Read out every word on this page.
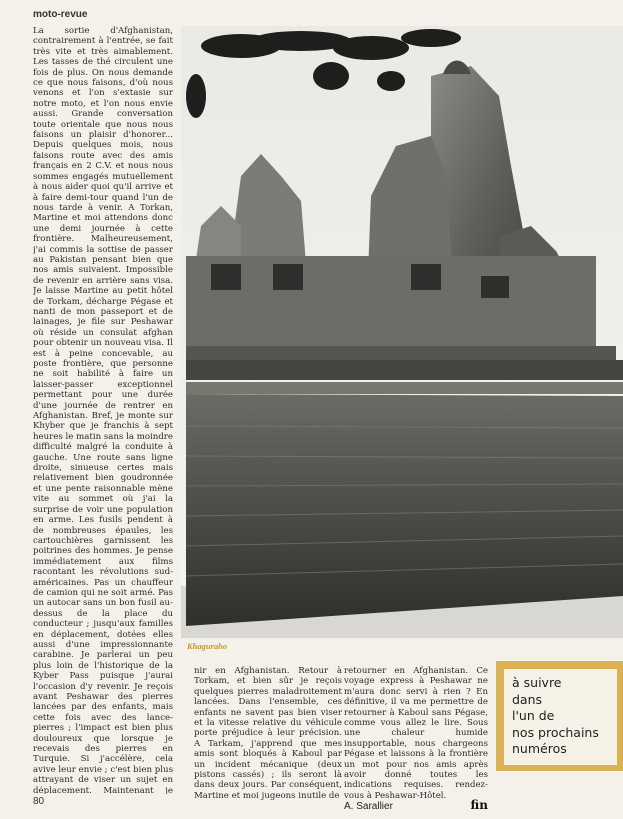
moto-revue
La sortie d'Afghanistan, contrairement à l'entrée, se fait très vite et très aimablement. Les tasses de thé circulent une fois de plus. On nous demande ce que nous faisons, d'où nous venons et l'on s'extasie sur notre moto, et l'on nous envie aussi. Grande conversation toute orientale que nous nous faisons un plaisir d'honorer... Depuis quelques mois, nous faisons route avec des amis français en 2 C.V. et nous nous sommes engagés mutuellement à nous aider quoi qu'il arrive et à faire demi-tour quand l'un de nous tarde à venir. A Torkan, Martine et moi attendons donc une demi journée à cette frontière. Malheureusement, j'ai commis la sottise de passer au Pakistan pensant bien que nos amis suivaient. Impossible de revenir en arrière sans visa. Je laisse Martine au petit hôtel de Torkam, décharge Pégase et nanti de mon passeport et de lainages, je file sur Peshawar où réside un consulat afghan pour obtenir un nouveau visa. Il est à peine concevable, au poste frontière, que personne ne soit habilité à faire un laisser-passer exceptionnel permettant pour une durée d'une journée de rentrer en Afghanistan. Bref, je monte sur Khyber que je franchis à sept heures le matin sans la moindre difficulté malgré la conduite à gauche. Une route sans ligne droite, sinueuse certes mais relativement bien goudronnée et une pente raisonnable mène vite au sommet où j'ai la surprise de voir une population en arme. Les fusils pendent à de nombreuses épaules, les cartouchières garnissent les poitrines des hommes. Je pense immédiatement aux films racontant les révolutions sud-américaines. Pas un chauffeur de camion qui ne soit armé. Pas un autocar sans un bon fusil au-dessus de la place du conducteur ; jusqu'aux familles en déplacement, dotées elles aussi d'une impressionnante carabine. Je parlerai un peu plus loin de l'historique de la Kyber Pass puisque j'aurai l'occasion d'y revenir. Je reçois avant Peshawar des pierres lancées par des enfants, mais cette fois avec des lance-pierres ; l'impact est bien plus douloureux que lorsque je recevais des pierres en Turquie. Si j'accélère, cela avive leur envie ; c'est bien plus attrayant de viser un sujet en déplacement. Maintenant je
Khaguraho
nir en Afghanistan. Retour à Torkam, et bien sûr je reçois quelques pierres maladroitement lancées. Dans l'ensemble, ces enfants ne savent pas bien viser et la vitesse relative du véhicule porte préjudice à leur précision. A Tarkam, j'apprend que mes amis sont bloqués à Kaboul par un incident mécanique (deux pistons cassés) ; ils seront là dans deux jours. Par conséquent, Martine et moi jugeons inutile de
retourner en Afghanistan. Ce voyage express à Peshawar ne m'aura donc servi à rien ? En définitive, il va me permettre de retourner à Kaboul sans Pégase, comme vous allez le lire. Sous une chaleur humide insupportable, nous chargeons Pégase et laissons à la frontière un mot pour nos amis après avoir donné toutes les indications requises. rendez-vous à Peshawar-Hôtel.
A. Sarallier	fin
à suivre
dans
l'un de
nos prochains
numéros
80
